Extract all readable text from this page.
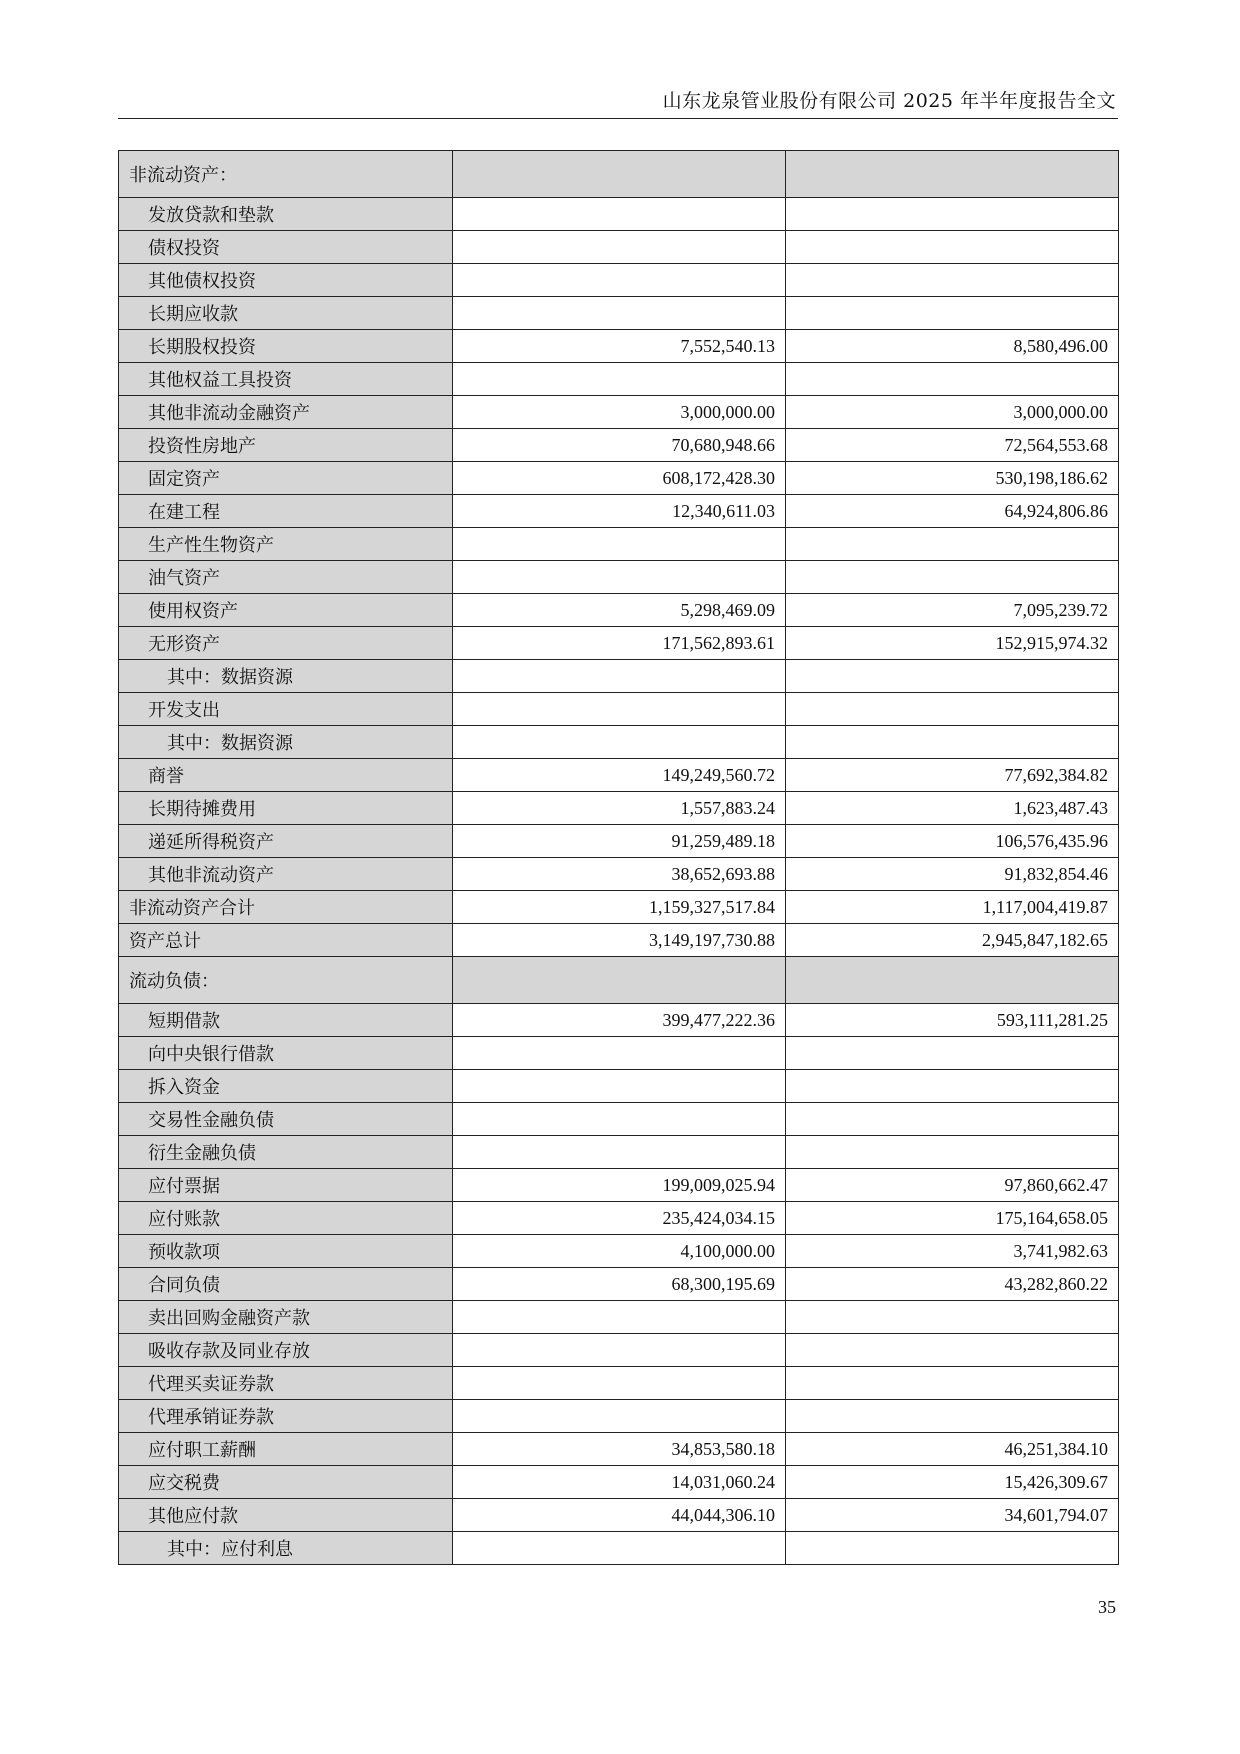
山东龙泉管业股份有限公司 2025 年半年度报告全文
非流动资产：		
发放贷款和垫款		
债权投资		
其他债权投资		
长期应收款		
长期股权投资	7,552,540.13	8,580,496.00
其他权益工具投资		
其他非流动金融资产	3,000,000.00	3,000,000.00
投资性房地产	70,680,948.66	72,564,553.68
固定资产	608,172,428.30	530,198,186.62
在建工程	12,340,611.03	64,924,806.86
生产性生物资产		
油气资产		
使用权资产	5,298,469.09	7,095,239.72
无形资产	171,562,893.61	152,915,974.32
其中：数据资源		
开发支出		
其中：数据资源		
商誉	149,249,560.72	77,692,384.82
长期待摊费用	1,557,883.24	1,623,487.43
递延所得税资产	91,259,489.18	106,576,435.96
其他非流动资产	38,652,693.88	91,832,854.46
非流动资产合计	1,159,327,517.84	1,117,004,419.87
资产总计	3,149,197,730.88	2,945,847,182.65
流动负债：		
短期借款	399,477,222.36	593,111,281.25
向中央银行借款		
拆入资金		
交易性金融负债		
衍生金融负债		
应付票据	199,009,025.94	97,860,662.47
应付账款	235,424,034.15	175,164,658.05
预收款项	4,100,000.00	3,741,982.63
合同负债	68,300,195.69	43,282,860.22
卖出回购金融资产款		
吸收存款及同业存放		
代理买卖证券款		
代理承销证券款		
应付职工薪酬	34,853,580.18	46,251,384.10
应交税费	14,031,060.24	15,426,309.67
其他应付款	44,044,306.10	34,601,794.07
其中：应付利息		
35
